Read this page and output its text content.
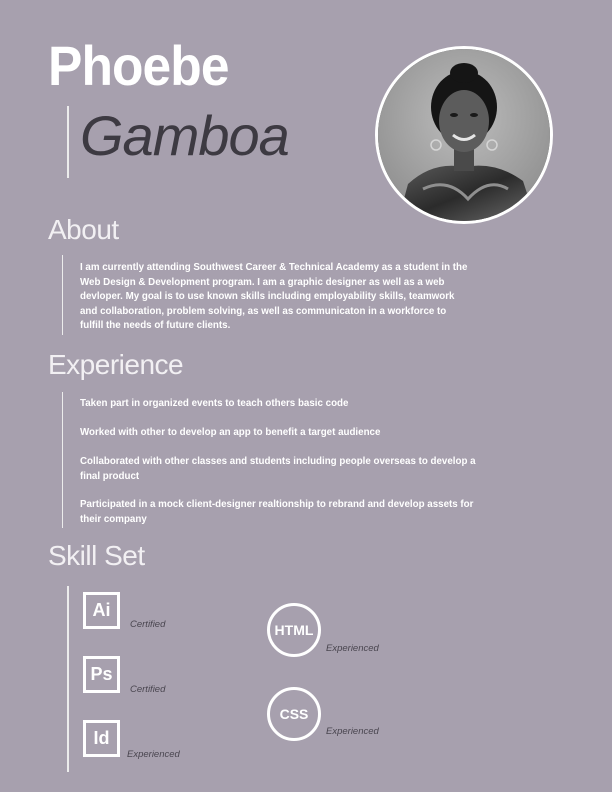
Phoebe
Gamboa
About
I am currently attending Southwest Career & Technical Academy as a student in the Web Design & Development program. I am a graphic designer as well as a web devloper. My goal is to use known skills including employability skills, teamwork and collaboration, problem solving, as well as communicaton in a workforce to fulfill the needs of future clients.
Experience
Taken part in organized events to teach others basic code
Worked with other to develop an app to benefit a target audience
Collaborated with other classes and students including people overseas to develop a final product
Participated in a mock client-designer realtionship to rebrand and develop assets for their company
Skill Set
Ai
Certified
Ps
Certified
Id
Experienced
HTML
Experienced
CSS
Experienced
